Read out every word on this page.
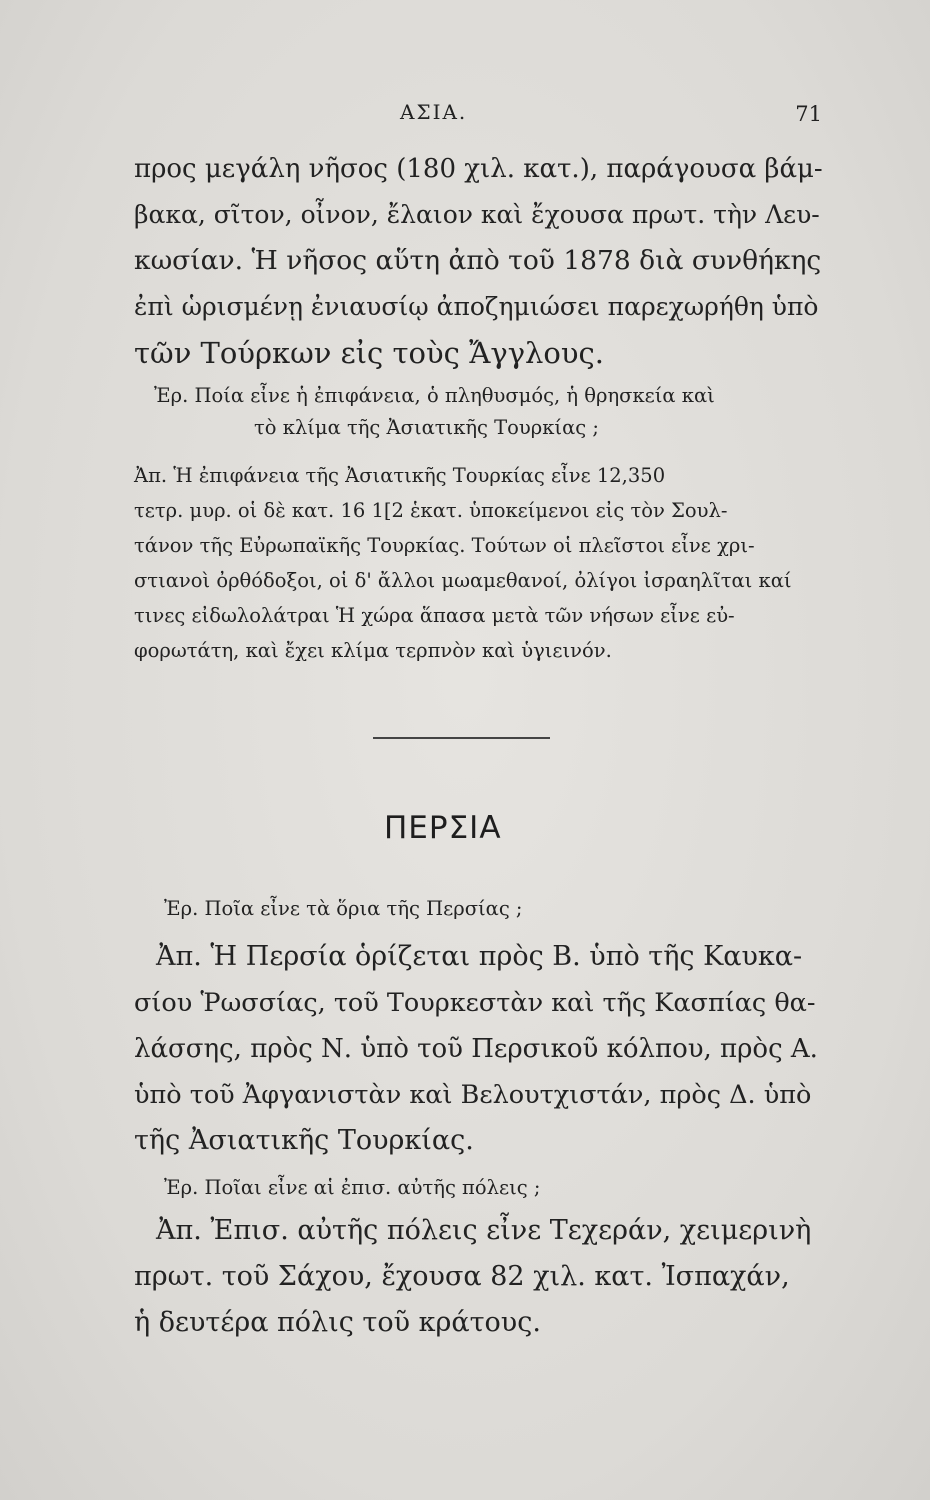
ΑΣΙΑ.	71
προς μεγάλη νῆσος (180 χιλ. κατ.), παράγουσα βάμ-
βακα, σῖτον, οἶνον, ἔλαιον καὶ ἔχουσα πρωτ. τὴν Λευ-
κωσίαν. Ἡ νῆσος αὕτη ἀπὸ τοῦ 1878 διὰ συνθήκης
ἐπὶ ὡρισμένῃ ἐνιαυσίῳ ἀποζημιώσει παρεχωρήθη ὑπὸ
τῶν Τούρκων εἰς τοὺς Ἄγγλους.
Ἐρ. Ποία εἶνε ἡ ἐπιφάνεια, ὁ πληθυσμός, ἡ θρησκεία καὶ
τὸ κλίμα τῆς Ἀσιατικῆς Τουρκίας ;
Ἀπ. Ἡ ἐπιφάνεια τῆς Ἀσιατικῆς Τουρκίας εἶνε 12,350
τετρ. μυρ. οἱ δὲ κατ. 16 1[2 ἑκατ. ὑποκείμενοι εἰς τὸν Σουλ-
τάνον τῆς Εὐρωπαϊκῆς Τουρκίας. Τούτων οἱ πλεῖστοι εἶνε χρι-
στιανοὶ ὀρθόδοξοι, οἱ δ' ἄλλοι μωαμεθανοί, ὀλίγοι ἰσραηλῖται καί
τινες εἰδωλολάτραι Ἡ χώρα ἅπασα μετὰ τῶν νήσων εἶνε εὐ-
φορωτάτη, καὶ ἔχει κλίμα τερπνὸν καὶ ὑγιεινόν.
ΠΕΡΣΙΑ
Ἐρ. Ποῖα εἶνε τὰ ὅρια τῆς Περσίας ;
Ἀπ. Ἡ Περσία ὁρίζεται πρὸς Β. ὑπὸ τῆς Καυκα-
σίου Ῥωσσίας, τοῦ Τουρκεστὰν καὶ τῆς Κασπίας θα-
λάσσης, πρὸς Ν. ὑπὸ τοῦ Περσικοῦ κόλπου, πρὸς Α.
ὑπὸ τοῦ Ἀφγανιστὰν καὶ Βελουτχιστάν, πρὸς Δ. ὑπὸ
τῆς Ἀσιατικῆς Τουρκίας.
Ἐρ. Ποῖαι εἶνε αἱ ἐπισ. αὐτῆς πόλεις ;
Ἀπ. Ἐπισ. αὐτῆς πόλεις εἶνε Τεχεράν, χειμερινὴ
πρωτ. τοῦ Σάχου, ἔχουσα 82 χιλ. κατ. Ἰσπαχάν,
ἡ δευτέρα πόλις τοῦ κράτους.
